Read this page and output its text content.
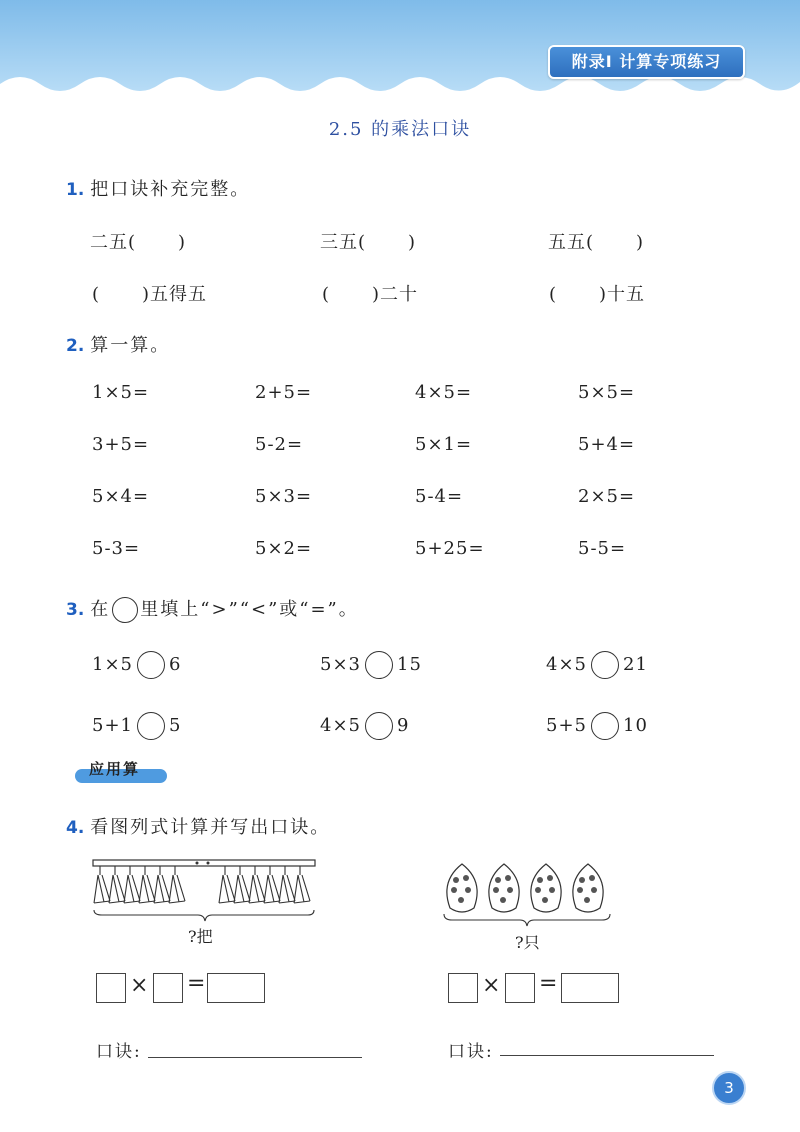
附录Ⅰ 计算专项练习
2.5 的乘法口诀
1. 把口诀补充完整。
二五( )	三五( )	五五( )
( )五得五	( )二十	( )十五
2. 算一算。
1×5=	2+5=	4×5=	5×5=
3+5=	5-2=	5×1=	5+4=
5×4=	5×3=	5-4=	2×5=
5-3=	5×2=	5+25=	5-5=
3. 在 里填上“>”“<”或“=”。
1×5 6	5×3 15	4×5 21
5+1 5	4×5 9	5+5 10
应用算
4. 看图列式计算并写出口诀。
?把	?只
× =	× =
口诀:	口诀:
3
